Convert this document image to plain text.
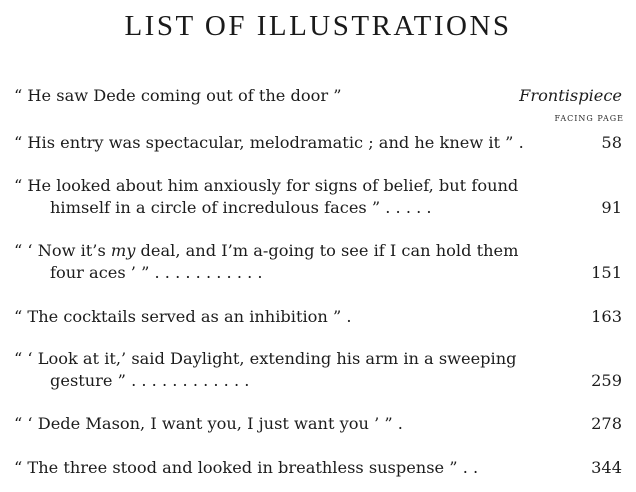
LIST OF ILLUSTRATIONS
“ He saw Dede coming out of the door ”	Frontispiece
FACING PAGE
“ His entry was spectacular, melodramatic ; and he knew it ” .	58
“ He looked about him anxiously for signs of belief, but found
himself in a circle of incredulous faces ” . . . . .	91
“ ‘ Now it’s my deal, and I’m a-going to see if I can hold them
four aces ’ ” . . . . . . . . . . .	151
“ The cocktails served as an inhibition ” .	163
“ ‘ Look at it,’ said Daylight, extending his arm in a sweeping
gesture ” . . . . . . . . . . . .	259
“ ‘ Dede Mason, I want you, I just want you ’ ” .	278
“ The three stood and looked in breathless suspense ” . .	344
